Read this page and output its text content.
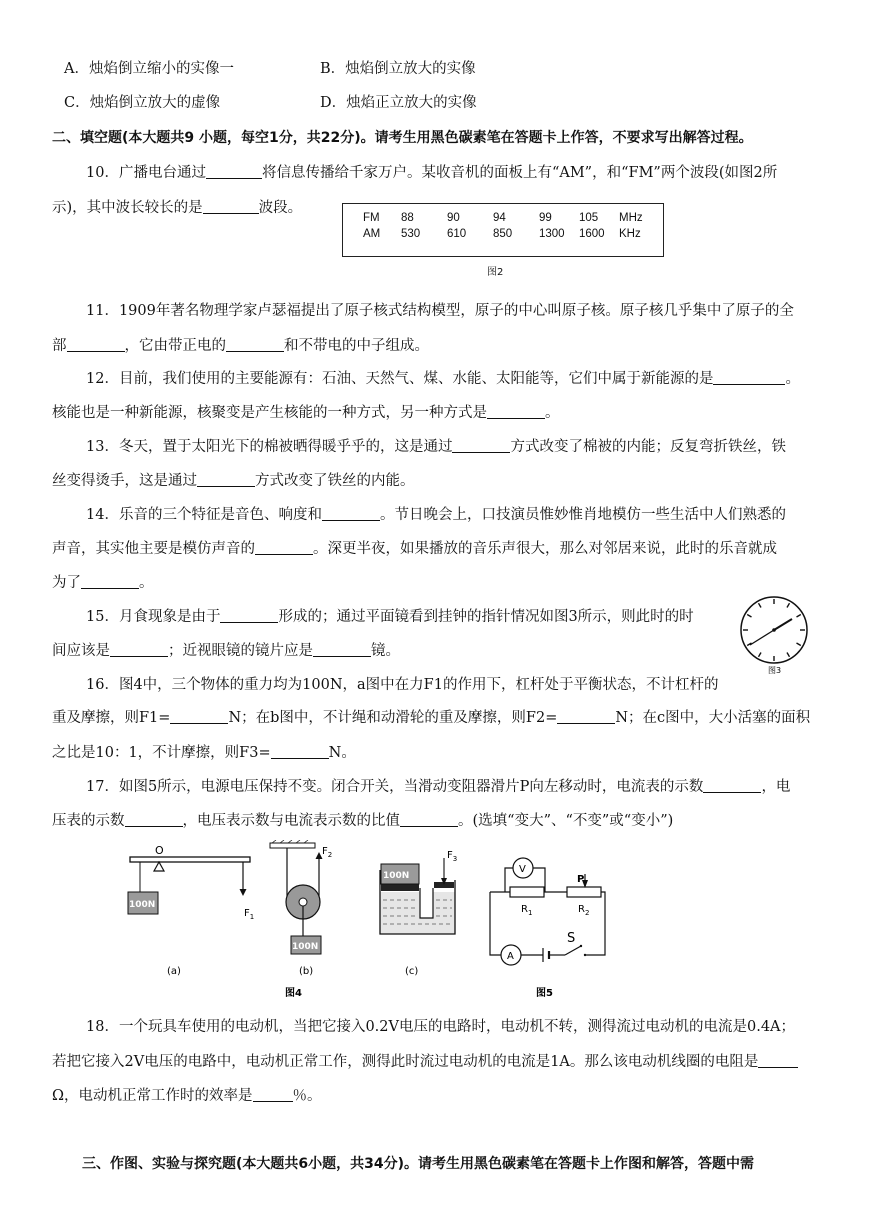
A．烛焰倒立缩小的实像一	B．烛焰倒立放大的实像
C．烛焰倒立放大的虚像	D．烛焰正立放大的实像
二、填空题(本大题共9 小题，每空1分，共22分)。请考生用黑色碳素笔在答题卡上作答，不要求写出解答过程。
10．广播电台通过	将信息传播给千家万户。某收音机的面板上有“AM”，和“FM”两个波段(如图2所
示)，其中波长较长的是	波段。
FM	88	90	94	99	105	MHz
AM	530	610	850	1300	1600	KHz
图2
11．1909年著名物理学家卢瑟福提出了原子核式结构模型，原子的中心叫原子核。原子核几乎集中了原子的全
部	，它由带正电的	和不带电的中子组成。
12．目前，我们使用的主要能源有：石油、天然气、煤、水能、太阳能等，它们中属于新能源的是	。
核能也是一种新能源，核聚变是产生核能的一种方式，另一种方式是	。
13．冬天，置于太阳光下的棉被晒得暖乎乎的，这是通过	方式改变了棉被的内能；反复弯折铁丝，铁
丝变得烫手，这是通过	方式改变了铁丝的内能。
14．乐音的三个特征是音色、响度和	。节日晚会上，口技演员惟妙惟肖地模仿一些生活中人们熟悉的
声音，其实他主要是模仿声音的	。深更半夜，如果播放的音乐声很大，那么对邻居来说，此时的乐音就成
为了	。
15．月食现象是由于	形成的；通过平面镜看到挂钟的指针情况如图3所示，则此时的时
间应该是	；近视眼镜的镜片应是	镜。
图3
16．图4中，三个物体的重力均为100N，a图中在力F1的作用下，杠杆处于平衡状态，不计杠杆的
重及摩擦，则F1=	N；在b图中，不计绳和动滑轮的重及摩擦，则F2=	N；在c图中，大小活塞的面积
之比是10：1，不计摩擦，则F3=	N。
17．如图5所示，电源电压保持不变。闭合开关，当滑动变阻器滑片P向左移动时，电流表的示数	，电
压表的示数	，电压表示数与电流表示数的比值	。(选填“变大”、“不变”或“变小”)
O
100N
$F_1$
(a)
$F_2$
100N
(b)
100N
$F_3$
(c)
图4
V
A
P
$R_1$	$R_2$
S
图5
18．一个玩具车使用的电动机，当把它接入0.2V电压的电路时，电动机不转，测得流过电动机的电流是0.4A；
若把它接入2V电压的电路中，电动机正常工作，测得此时流过电动机的电流是1A。那么该电动机线圈的电阻是
Ω，电动机正常工作时的效率是	％。
三、作图、实验与探究题(本大题共6小题，共34分)。请考生用黑色碳素笔在答题卡上作图和解答，答题中需
